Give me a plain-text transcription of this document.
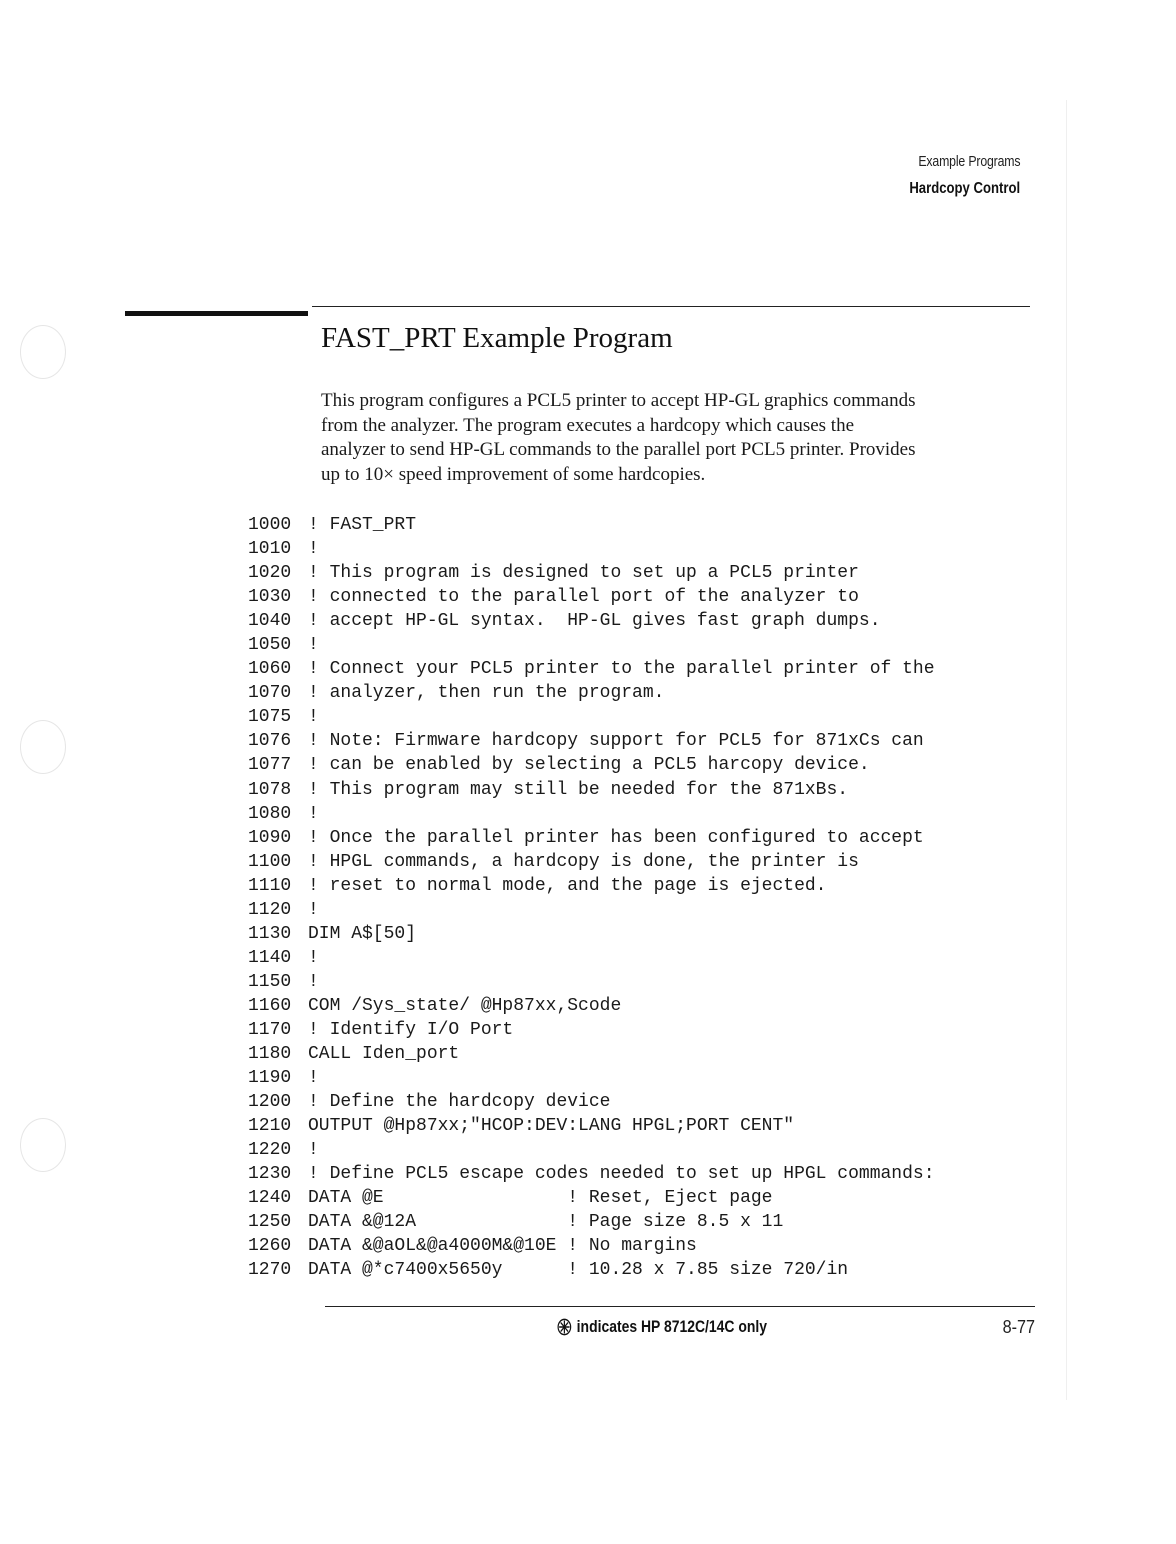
Example Programs
Hardcopy Control
FAST_PRT Example Program
This program configures a PCL5 printer to accept HP-GL graphics commands
from the analyzer. The program executes a hardcopy which causes the
analyzer to send HP-GL commands to the parallel port PCL5 printer. Provides
up to 10× speed improvement of some hardcopies.
1000 ! FAST_PRT
1010 !
1020 ! This program is designed to set up a PCL5 printer
1030 ! connected to the parallel port of the analyzer to
1040 ! accept HP-GL syntax.  HP-GL gives fast graph dumps.
1050 !
1060 ! Connect your PCL5 printer to the parallel printer of the
1070 ! analyzer, then run the program.
1075 !
1076 ! Note: Firmware hardcopy support for PCL5 for 871xCs can
1077 ! can be enabled by selecting a PCL5 harcopy device.
1078 ! This program may still be needed for the 871xBs.
1080 !
1090 ! Once the parallel printer has been configured to accept
1100 ! HPGL commands, a hardcopy is done, the printer is
1110 ! reset to normal mode, and the page is ejected.
1120 !
1130 DIM A$[50]
1140 !
1150 !
1160 COM /Sys_state/ @Hp87xx,Scode
1170 ! Identify I/O Port
1180 CALL Iden_port
1190 !
1200 ! Define the hardcopy device
1210 OUTPUT @Hp87xx;"HCOP:DEV:LANG HPGL;PORT CENT"
1220 !
1230 ! Define PCL5 escape codes needed to set up HPGL commands:
1240 DATA @E                 ! Reset, Eject page
1250 DATA &@12A              ! Page size 8.5 x 11
1260 DATA &@aOL&@a4000M&@10E ! No margins
1270 DATA @*c7400x5650y      ! 10.28 x 7.85 size 720/in
indicates HP 8712C/14C only	8-77
